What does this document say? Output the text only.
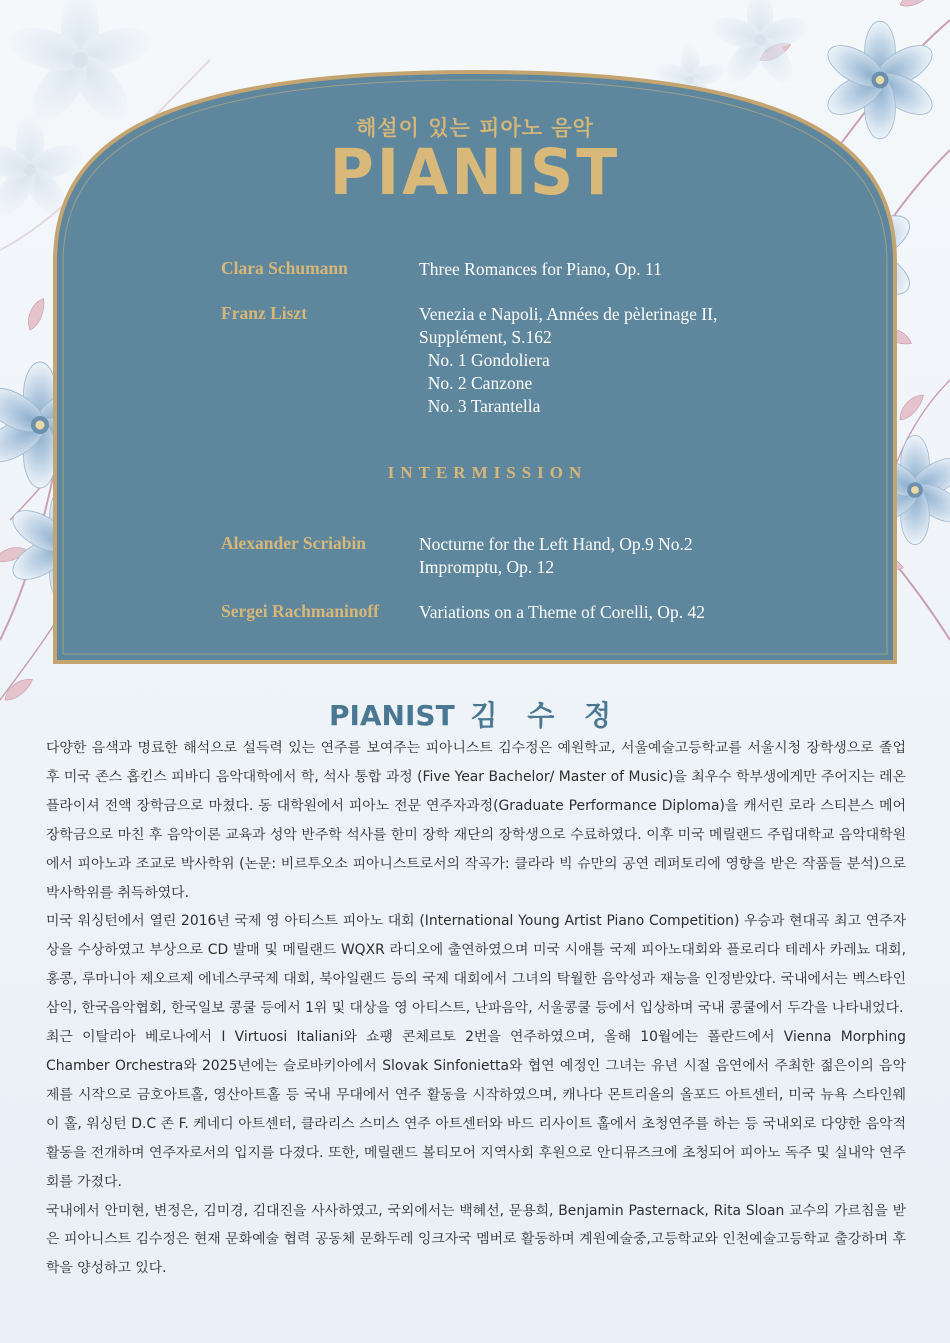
해설이 있는 피아노 음악
PIANIST
Clara Schumann	Three Romances for Piano, Op. 11
Franz Liszt	Venezia e Napoli, Années de pèlerinage II,
Supplément, S.162
No. 1 Gondoliera
No. 2 Canzone
No. 3 Tarantella
INTERMISSION
Alexander Scriabin	Nocturne for the Left Hand, Op.9 No.2
Impromptu, Op. 12
Sergei Rachmaninoff Variations on a Theme of Corelli, Op. 42
PIANIST 김 수 정

다양한 음색과 명료한 해석으로 설득력 있는 연주를 보여주는 피아니스트 김수정은 예원학교, 서울예술고등학교를 서울시청 장학생으로 졸업 후 미국 존스 홉킨스 피바디 음악대학에서 학, 석사 통합 과정 (Five Year Bachelor/ Master of Music)을 최우수 학부생에게만 주어지는 레온 플라이셔 전액 장학금으로 마쳤다. 동 대학원에서 피아노 전문 연주자과정(Graduate Performance Diploma)을 캐서린 로라 스티븐스 메어 장학금으로 마친 후 음악이론 교육과 성악 반주학 석사를 한미 장학 재단의 장학생으로 수료하였다. 이후 미국 메릴랜드 주립대학교 음악대학원에서 피아노과 조교로 박사학위 (논문: 비르투오소 피아니스트로서의 작곡가: 클라라 빅 슈만의 공연 레퍼토리에 영향을 받은 작품들 분석)으로 박사학위를 취득하였다.

미국 워싱턴에서 열린 2016년 국제 영 아티스트 피아노 대회 (International Young Artist Piano Competition) 우승과 현대곡 최고 연주자 상을 수상하였고 부상으로 CD 발매 및 메릴랜드 WQXR 라디오에 출연하였으며 미국 시애틀 국제 피아노대회와 플로리다 테레사 카레뇨 대회, 홍콩, 루마니아 제오르제 에네스쿠국제 대회, 북아일랜드 등의 국제 대회에서 그녀의 탁월한 음악성과 재능을 인정받았다. 국내에서는 벡스타인 삼익, 한국음악협회, 한국일보 콩쿨 등에서 1위 및 대상을 영 아티스트, 난파음악, 서울콩쿨 등에서 입상하며 국내 콩쿨에서 두각을 나타내었다.

최근 이탈리아 베로나에서 I Virtuosi Italiani와 쇼팽 콘체르토 2번을 연주하였으며, 올해 10월에는 폴란드에서 Vienna Morphing Chamber Orchestra와 2025년에는 슬로바키아에서 Slovak Sinfonietta와 협연 예정인 그녀는 유년 시절 음연에서 주최한 젊은이의 음악제를 시작으로 금호아트홀, 영산아트홀 등 국내 무대에서 연주 활동을 시작하였으며, 캐나다 몬트리올의 올포드 아트센터, 미국 뉴욕 스타인웨이 홀, 워싱턴 D.C 존 F. 케네디 아트센터, 클라리스 스미스 연주 아트센터와 바드 리사이트 홀에서 초청연주를 하는 등 국내외로 다양한 음악적 활동을 전개하며 연주자로서의 입지를 다졌다. 또한, 메릴랜드 볼티모어 지역사회 후원으로 안디뮤즈크에 초청되어 피아노 독주 및 실내악 연주회를 가졌다.

국내에서 안미현, 변정은, 김미경, 김대진을 사사하였고, 국외에서는 백혜선, 문용희, Benjamin Pasternack, Rita Sloan 교수의 가르침을 받은 피아니스트 김수정은 현재 문화예술 협력 공동체 문화두레 잉크자국 멤버로 활동하며 계원예술중,고등학교와 인천예술고등학교 출강하며 후학을 양성하고 있다.
